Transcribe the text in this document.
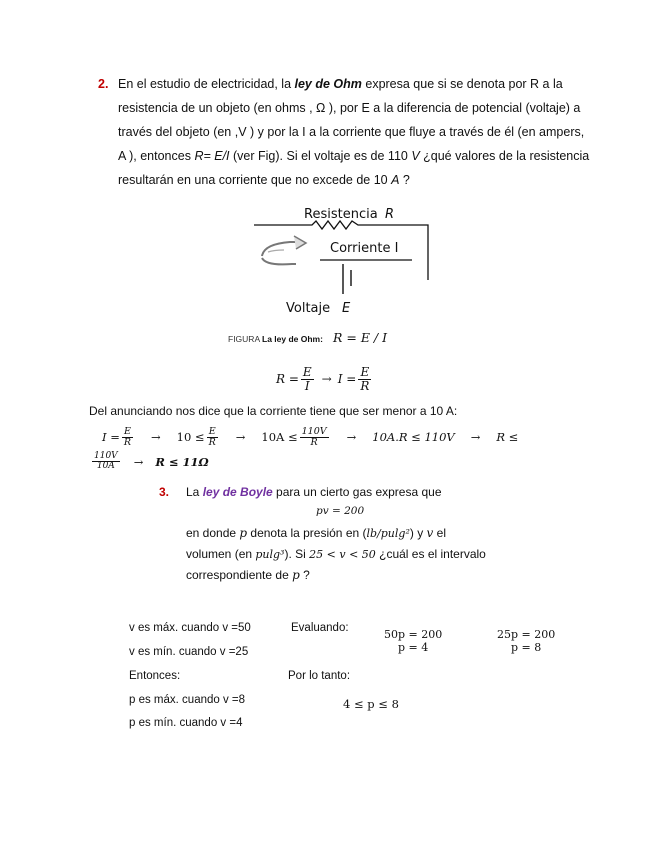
2. En el estudio de electricidad, la ley de Ohm expresa que si se denota por R a la
resistencia de un objeto (en ohms , Ω ), por E a la diferencia de potencial (voltaje) a
través del objeto (en ,V ) y por la I a la corriente que fluye a través de él (en ampers,
A ), entonces R= E/I (ver Fig). Si el voltaje es de 110 V ¿qué valores de la resistencia
resultarán en una corriente que no excede de 10 A ?
Resistencia R
Corriente I
Voltaje E
FIGURA La ley de Ohm: R = E / I
$R = \frac{E}{I} \to I = \frac{E}{R}$
Del anunciando nos dice que la corriente tiene que ser menor a 10 A:
$I = \frac{E}{R} \to 10 \le \frac{E}{R} \to 10A \le \frac{110V}{R} \to 10A.R \le 110V \to R$ ≤
$\frac{110V}{10A} \to R \le 11\Omega$
3. La ley de Boyle para un cierto gas expresa que
pv = 200
en donde p denota la presión en (lb/pulg²) y v el
volumen (en pulg³). Si 25 < v < 50 ¿cuál es el intervalo
correspondiente de p ?
v es máx. cuando v =50
v es mín. cuando v =25
Entonces:
p es máx. cuando v =8
p es mín. cuando v =4
Evaluando:	50p = 200
p = 4
25p = 200
p = 8
Por lo tanto:
4 ≤ p ≤ 8
